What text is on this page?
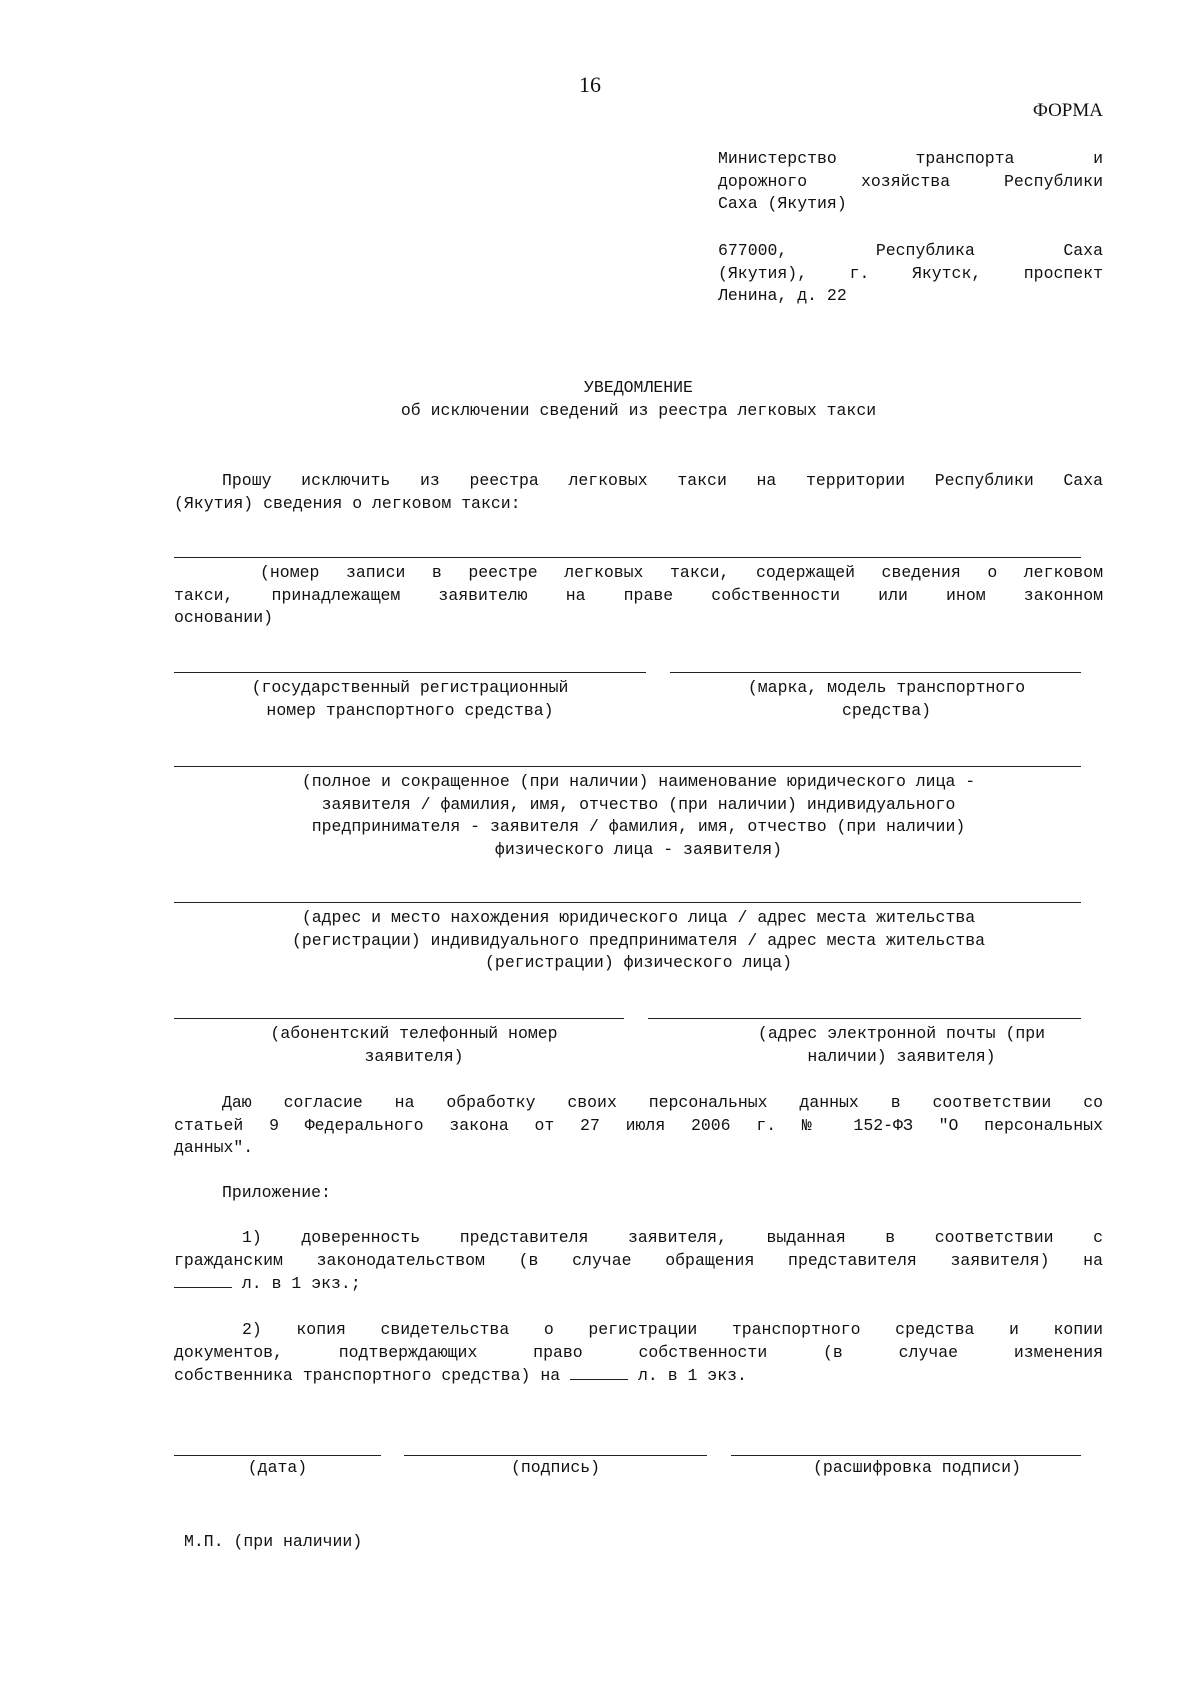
16
ФОРМА
Министерство транспорта и
дорожного хозяйства Республики
Саха (Якутия)
677000, Республика Саха
(Якутия), г. Якутск, проспект
Ленина, д. 22
УВЕДОМЛЕНИЕ
об исключении сведений из реестра легковых такси
Прошу исключить из реестра легковых такси на территории Республики Саха
(Якутия) сведения о легковом такси:
(номер записи в реестре легковых такси, содержащей сведения о легковом
такси, принадлежащем заявителю на праве собственности или ином законном
основании)
(государственный регистрационный
номер транспортного средства)
(марка, модель транспортного
средства)
(полное и сокращенное (при наличии) наименование юридического лица -
заявителя / фамилия, имя, отчество (при наличии) индивидуального
предпринимателя - заявителя / фамилия, имя, отчество (при наличии)
физического лица - заявителя)
(адрес и место нахождения юридического лица / адрес места жительства
(регистрации) индивидуального предпринимателя / адрес места жительства
(регистрации) физического лица)
(абонентский телефонный номер
заявителя)
(адрес электронной почты (при
наличии) заявителя)
Даю согласие на обработку своих персональных данных в соответствии со
статьей 9 Федерального закона от 27 июля 2006 г. № 152-ФЗ "О персональных
данных".
Приложение:
1) доверенность представителя заявителя, выданная в соответствии с
гражданским законодательством (в случае обращения представителя заявителя) на
л. в 1 экз.;
2) копия свидетельства о регистрации транспортного средства и копии
документов, подтверждающих право собственности (в случае изменения
собственника транспортного средства) на	л. в 1 экз.
(дата)	(подпись)	(расшифровка подписи)
М.П. (при наличии)
